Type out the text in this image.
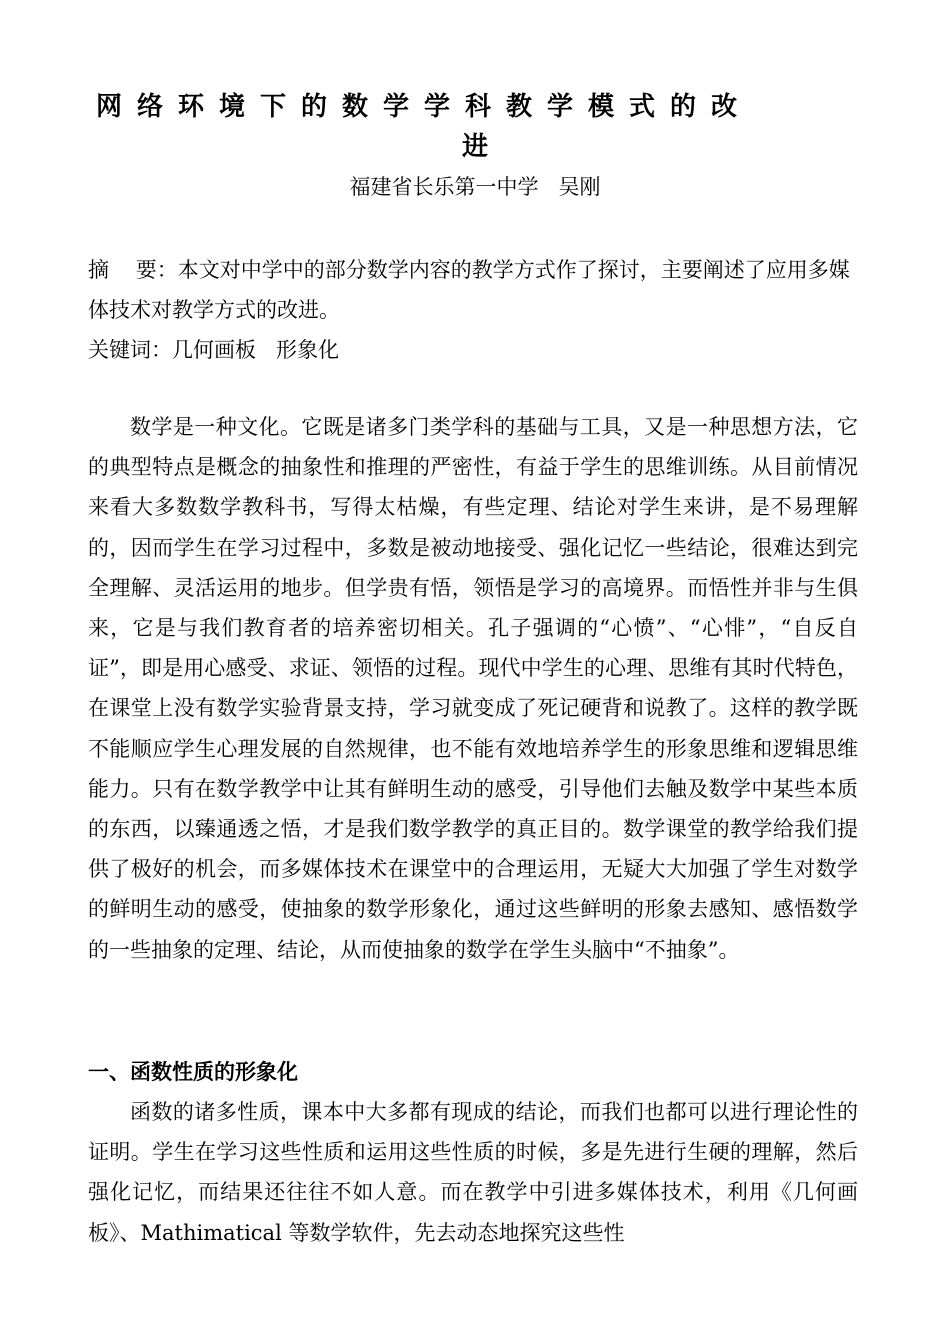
网络环境下的数学学科教学模式的改
进

福建省长乐第一中学   吴刚

摘    要：本文对中学中的部分数学内容的教学方式作了探讨，主要阐述了应用多媒体技术对教学方式的改进。

关键词：几何画板   形象化

数学是一种文化。它既是诸多门类学科的基础与工具，又是一种思想方法，它的典型特点是概念的抽象性和推理的严密性，有益于学生的思维训练。从目前情况来看大多数数学教科书，写得太枯燥，有些定理、结论对学生来讲，是不易理解的，因而学生在学习过程中，多数是被动地接受、强化记忆一些结论，很难达到完全理解、灵活运用的地步。但学贵有悟，领悟是学习的高境界。而悟性并非与生俱来，它是与我们教育者的培养密切相关。孔子强调的“心愤”、“心悱”，“自反自证”，即是用心感受、求证、领悟的过程。现代中学生的心理、思维有其时代特色，在课堂上没有数学实验背景支持，学习就变成了死记硬背和说教了。这样的教学既不能顺应学生心理发展的自然规律，也不能有效地培养学生的形象思维和逻辑思维能力。只有在数学教学中让其有鲜明生动的感受，引导他们去触及数学中某些本质的东西，以臻通透之悟，才是我们数学教学的真正目的。数学课堂的教学给我们提供了极好的机会，而多媒体技术在课堂中的合理运用，无疑大大加强了学生对数学的鲜明生动的感受，使抽象的数学形象化，通过这些鲜明的形象去感知、感悟数学的一些抽象的定理、结论，从而使抽象的数学在学生头脑中“不抽象”。

一、函数性质的形象化

函数的诸多性质，课本中大多都有现成的结论，而我们也都可以进行理论性的证明。学生在学习这些性质和运用这些性质的时候，多是先进行生硬的理解，然后强化记忆，而结果还往往不如人意。而在教学中引进多媒体技术，利用《几何画板》、Mathimatical 等数学软件，先去动态地探究这些性
